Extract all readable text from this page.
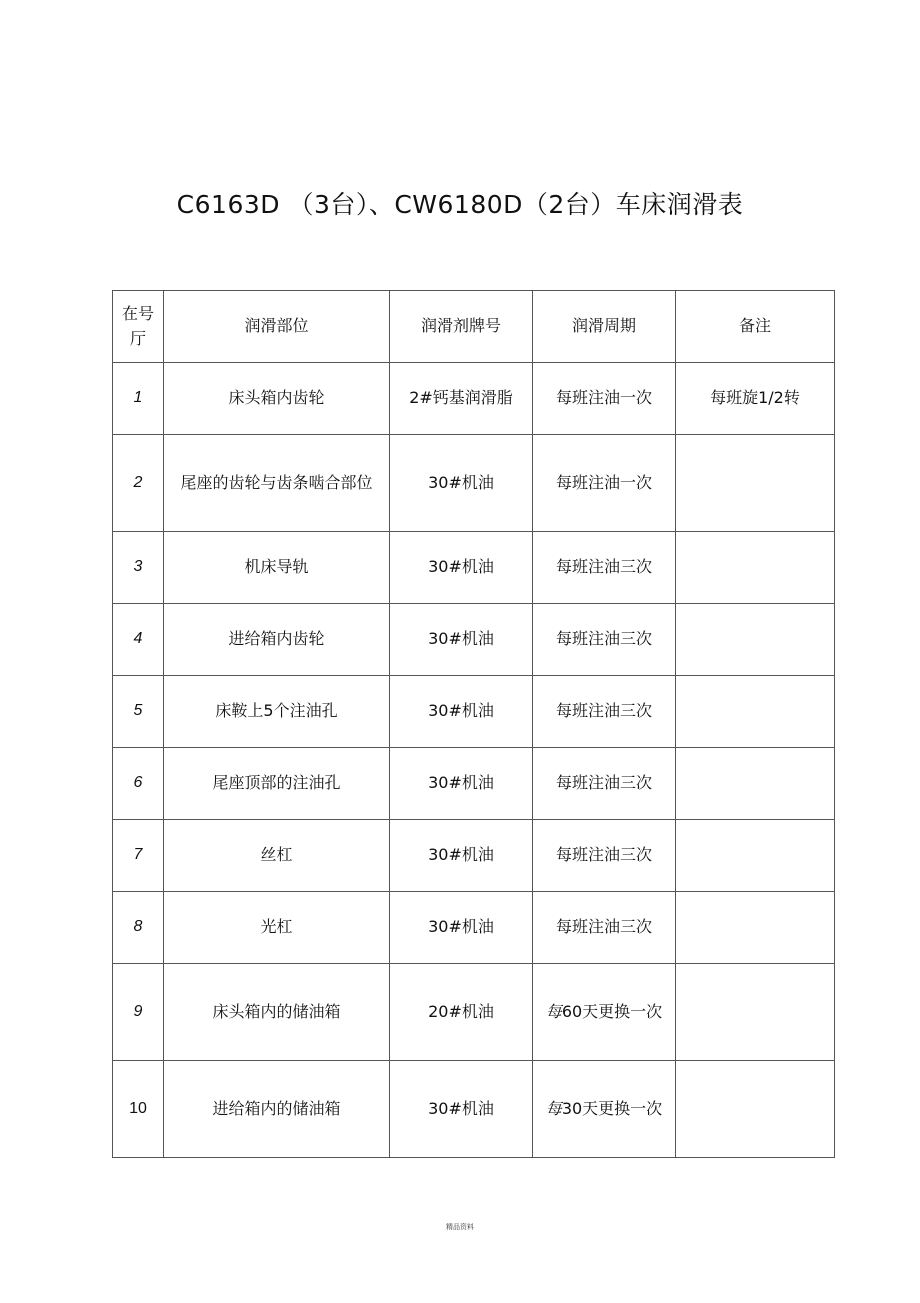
C6163D （3台）、CW6180D（2台）车床润滑表
在号 厅	润滑部位	润滑剂牌号	润滑周期	备注
1	床头箱内齿轮	2#钙基润滑脂	每班注油一次	每班旋1/2转
2	尾座的齿轮与齿条啮合部位	30#机油	每班注油一次	
3	机床导轨	30#机油	每班注油三次	
4	进给箱内齿轮	30#机油	每班注油三次	
5	床鞍上5个注油孔	30#机油	每班注油三次	
6	尾座顶部的注油孔	30#机油	每班注油三次	
7	丝杠	30#机油	每班注油三次	
8	光杠	30#机油	每班注油三次	
9	床头箱内的储油箱	20#机油	每60天更换一次	
10	进给箱内的储油箱	30#机油	每30天更换一次	
精品资料
